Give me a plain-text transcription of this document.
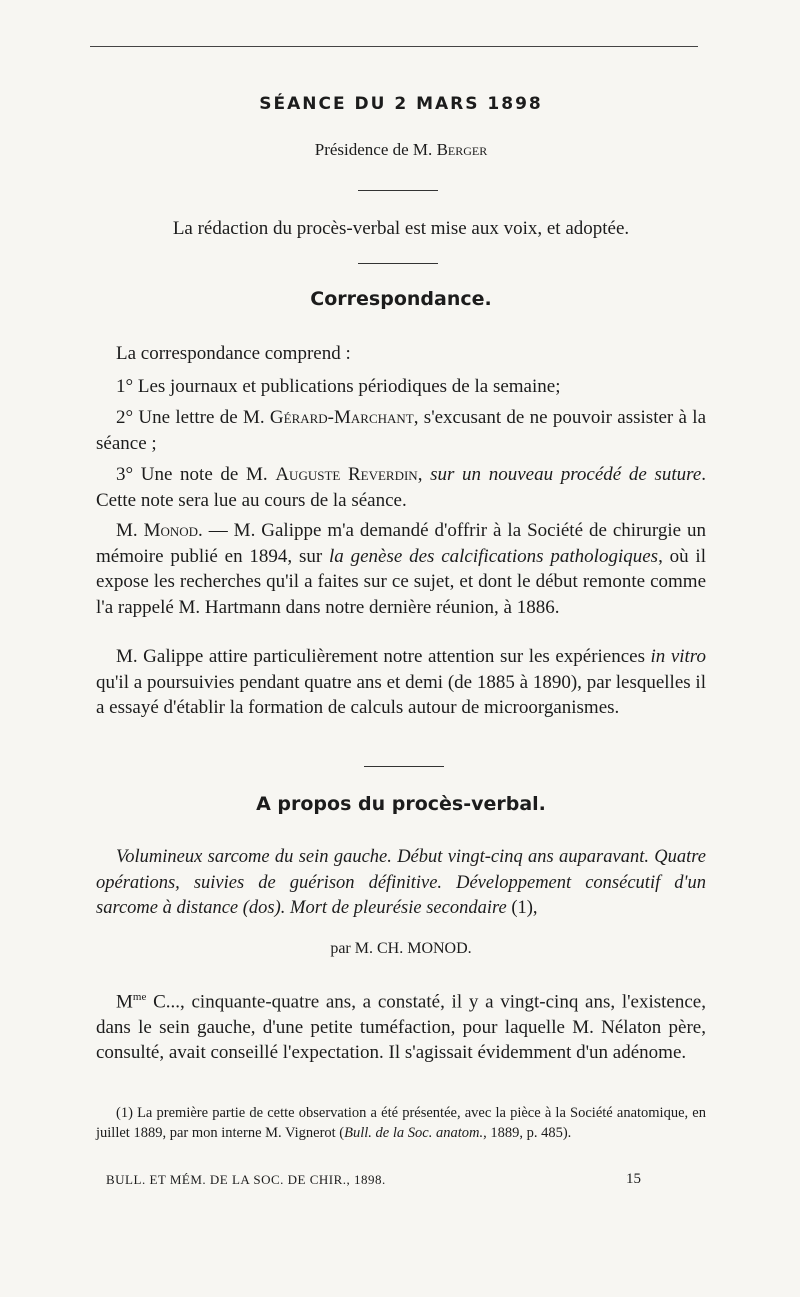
SÉANCE DU 2 MARS 1898
Présidence de M. Berger
La rédaction du procès-verbal est mise aux voix, et adoptée.
Correspondance.
La correspondance comprend :
1° Les journaux et publications périodiques de la semaine;
2° Une lettre de M. Gérard-Marchant, s'excusant de ne pouvoir assister à la séance ;
3° Une note de M. Auguste Reverdin, sur un nouveau procédé de suture. Cette note sera lue au cours de la séance.
M. Monod. — M. Galippe m'a demandé d'offrir à la Société de chirurgie un mémoire publié en 1894, sur la genèse des calcifications pathologiques, où il expose les recherches qu'il a faites sur ce sujet, et dont le début remonte comme l'a rappelé M. Hartmann dans notre dernière réunion, à 1886.
M. Galippe attire particulièrement notre attention sur les expériences in vitro qu'il a poursuivies pendant quatre ans et demi (de 1885 à 1890), par lesquelles il a essayé d'établir la formation de calculs autour de microorganismes.
A propos du procès-verbal.
Volumineux sarcome du sein gauche. Début vingt-cinq ans auparavant. Quatre opérations, suivies de guérison définitive. Développement consécutif d'un sarcome à distance (dos). Mort de pleurésie secondaire (1),
par M. CH. MONOD.
$M^{me}$ C..., cinquante-quatre ans, a constaté, il y a vingt-cinq ans, l'existence, dans le sein gauche, d'une petite tuméfaction, pour laquelle M. Nélaton père, consulté, avait conseillé l'expectation. Il s'agissait évidemment d'un adénome.
(1) La première partie de cette observation a été présentée, avec la pièce à la Société anatomique, en juillet 1889, par mon interne M. Vignerot (Bull. de la Soc. anatom., 1889, p. 485).
BULL. ET MÉM. DE LA SOC. DE CHIR., 1898.	15
